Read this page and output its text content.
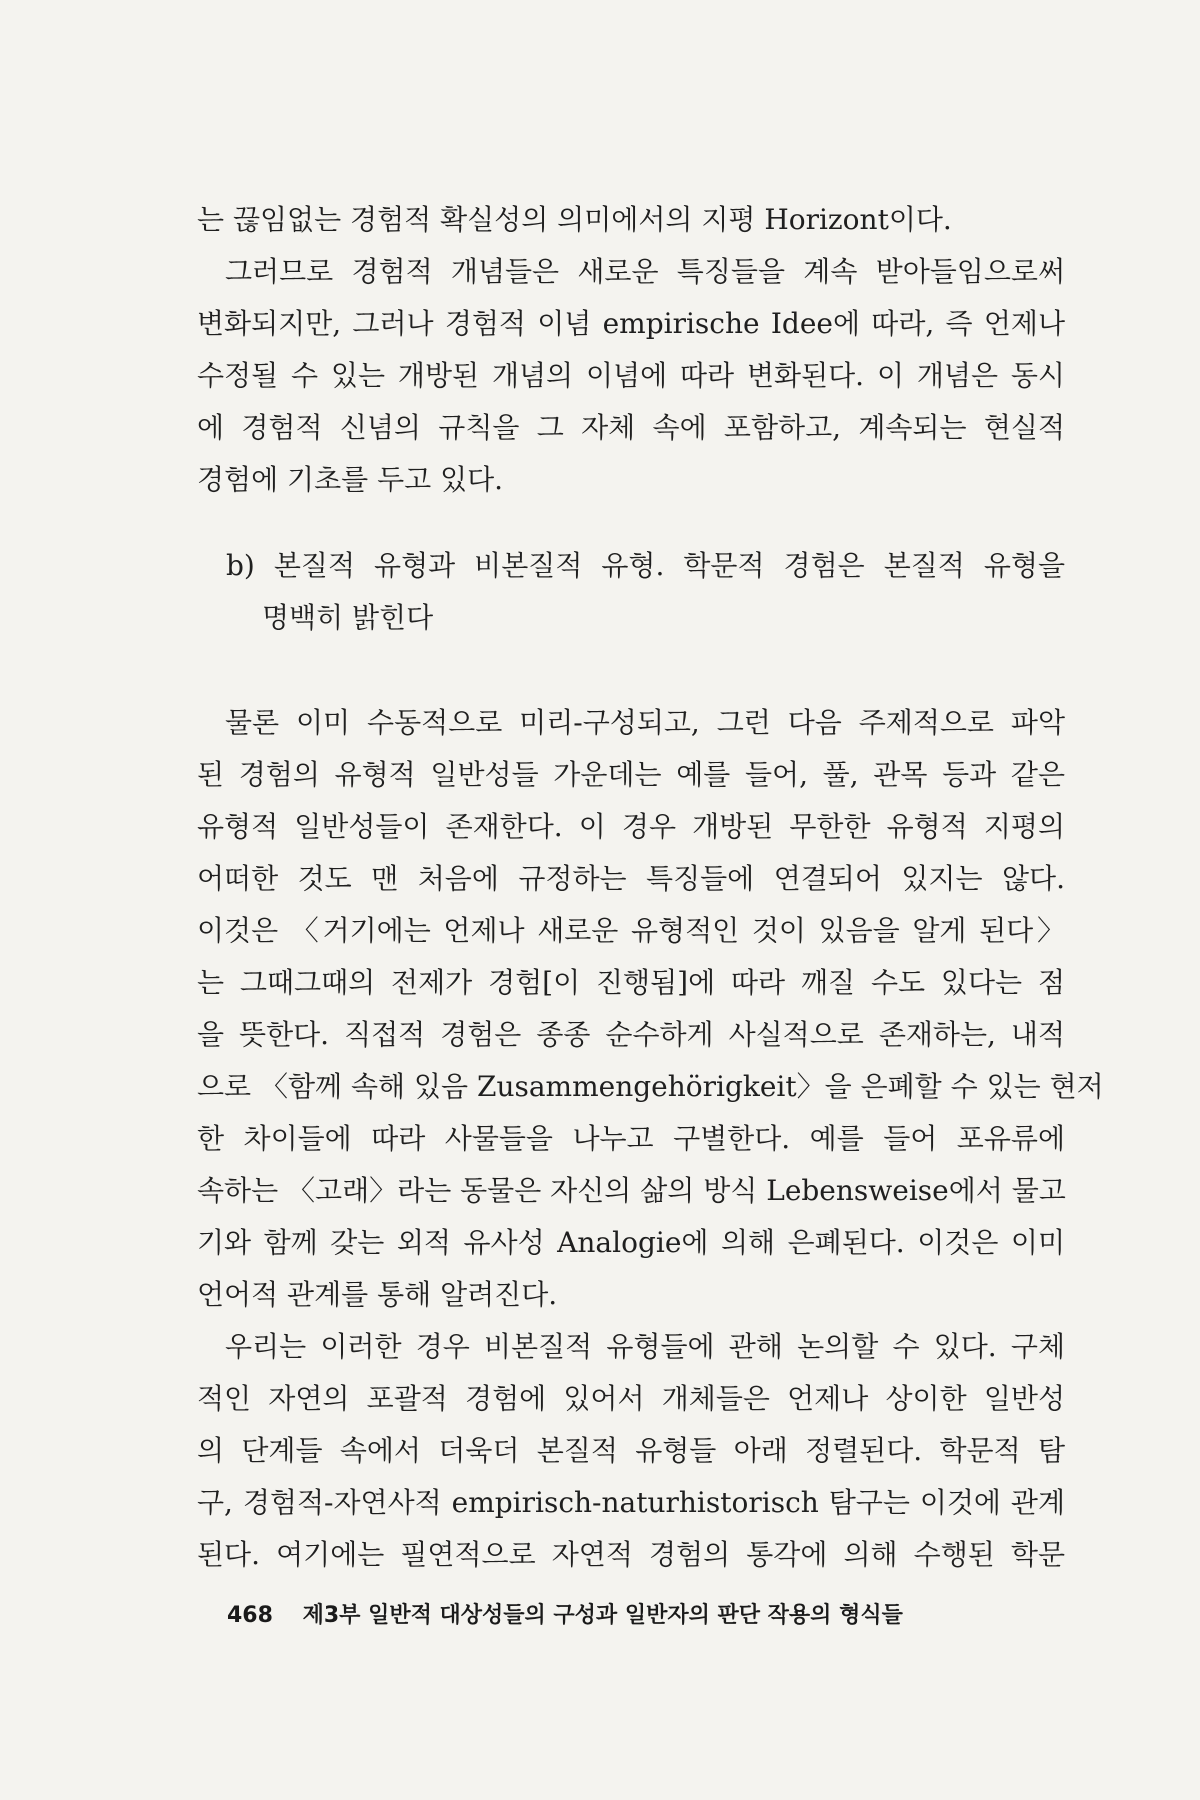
는 끊임없는 경험적 확실성의 의미에서의 지평 Horizont이다.
그러므로 경험적 개념들은 새로운 특징들을 계속 받아들임으로써
변화되지만, 그러나 경험적 이념 empirische Idee에 따라, 즉 언제나
수정될 수 있는 개방된 개념의 이념에 따라 변화된다. 이 개념은 동시
에 경험적 신념의 규칙을 그 자체 속에 포함하고, 계속되는 현실적
경험에 기초를 두고 있다.
b) 본질적 유형과 비본질적 유형. 학문적 경험은 본질적 유형을
명백히 밝힌다
물론 이미 수동적으로 미리-구성되고, 그런 다음 주제적으로 파악
된 경험의 유형적 일반성들 가운데는 예를 들어, 풀, 관목 등과 같은
유형적 일반성들이 존재한다. 이 경우 개방된 무한한 유형적 지평의
어떠한 것도 맨 처음에 규정하는 특징들에 연결되어 있지는 않다.
이것은 〈거기에는 언제나 새로운 유형적인 것이 있음을 알게 된다〉
는 그때그때의 전제가 경험[이 진행됨]에 따라 깨질 수도 있다는 점
을 뜻한다. 직접적 경험은 종종 순수하게 사실적으로 존재하는, 내적
으로 〈함께 속해 있음 Zusammengehörigkeit〉을 은폐할 수 있는 현저
한 차이들에 따라 사물들을 나누고 구별한다. 예를 들어 포유류에
속하는 〈고래〉라는 동물은 자신의 삶의 방식 Lebensweise에서 물고
기와 함께 갖는 외적 유사성 Analogie에 의해 은폐된다. 이것은 이미
언어적 관계를 통해 알려진다.
우리는 이러한 경우 비본질적 유형들에 관해 논의할 수 있다. 구체
적인 자연의 포괄적 경험에 있어서 개체들은 언제나 상이한 일반성
의 단계들 속에서 더욱더 본질적 유형들 아래 정렬된다. 학문적 탐
구, 경험적-자연사적 empirisch-naturhistorisch 탐구는 이것에 관계
된다. 여기에는 필연적으로 자연적 경험의 통각에 의해 수행된 학문
468 제3부 일반적 대상성들의 구성과 일반자의 판단 작용의 형식들
